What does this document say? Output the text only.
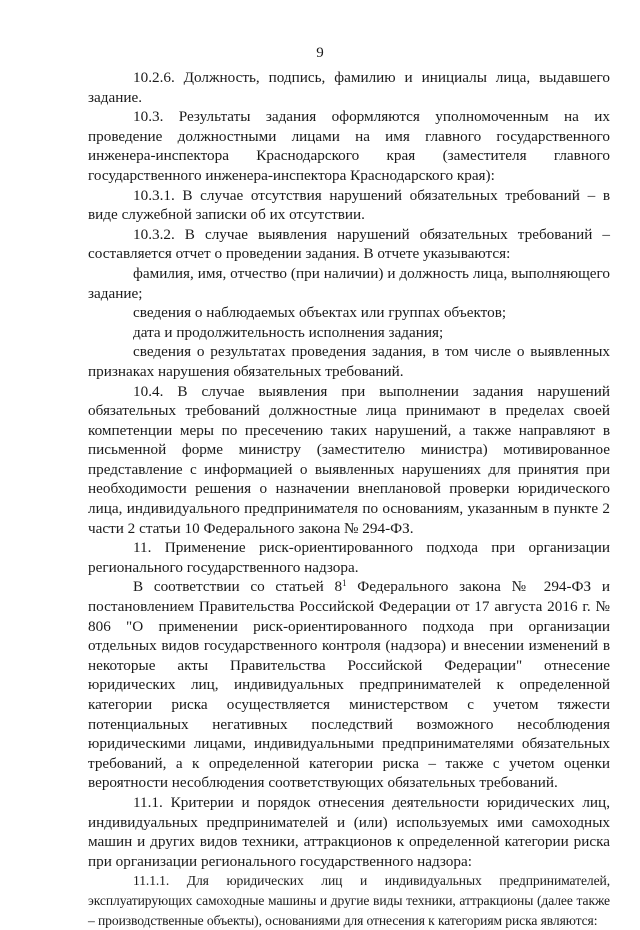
9

10.2.6. Должность, подпись, фамилию и инициалы лица, выдавшего задание.

10.3. Результаты задания оформляются уполномоченным на их проведение должностными лицами на имя главного государственного инженера-инспектора Краснодарского края (заместителя главного государственного инженера-инспектора Краснодарского края):

10.3.1. В случае отсутствия нарушений обязательных требований – в виде служебной записки об их отсутствии.

10.3.2. В случае выявления нарушений обязательных требований – составляется отчет о проведении задания. В отчете указываются:

фамилия, имя, отчество (при наличии) и должность лица, выполняющего задание;

сведения о наблюдаемых объектах или группах объектов;

дата и продолжительность исполнения задания;

сведения о результатах проведения задания, в том числе о выявленных признаках нарушения обязательных требований.

10.4. В случае выявления при выполнении задания нарушений обязательных требований должностные лица принимают в пределах своей компетенции меры по пресечению таких нарушений, а также направляют в письменной форме министру (заместителю министра) мотивированное представление с информацией о выявленных нарушениях для принятия при необходимости решения о назначении внеплановой проверки юридического лица, индивидуального предпринимателя по основаниям, указанным в пункте 2 части 2 статьи 10 Федерального закона № 294-ФЗ.

11. Применение риск-ориентированного подхода при организации регионального государственного надзора.

В соответствии со статьей $8^1$ Федерального закона № 294-ФЗ и постановлением Правительства Российской Федерации от 17 августа 2016 г. № 806 "О применении риск-ориентированного подхода при организации отдельных видов государственного контроля (надзора) и внесении изменений в некоторые акты Правительства Российской Федерации" отнесение юридических лиц, индивидуальных предпринимателей к определенной категории риска осуществляется министерством с учетом тяжести потенциальных негативных последствий возможного несоблюдения юридическими лицами, индивидуальными предпринимателями обязательных требований, а к определенной категории риска – также с учетом оценки вероятности несоблюдения соответствующих обязательных требований.

11.1. Критерии и порядок отнесения деятельности юридических лиц, индивидуальных предпринимателей и (или) используемых ими самоходных машин и других видов техники, аттракционов к определенной категории риска при организации регионального государственного надзора:

11.1.1. Для юридических лиц и индивидуальных предпринимателей, эксплуатирующих самоходные машины и другие виды техники, аттракционы (далее также – производственные объекты), основаниями для отнесения к категориям риска являются:
